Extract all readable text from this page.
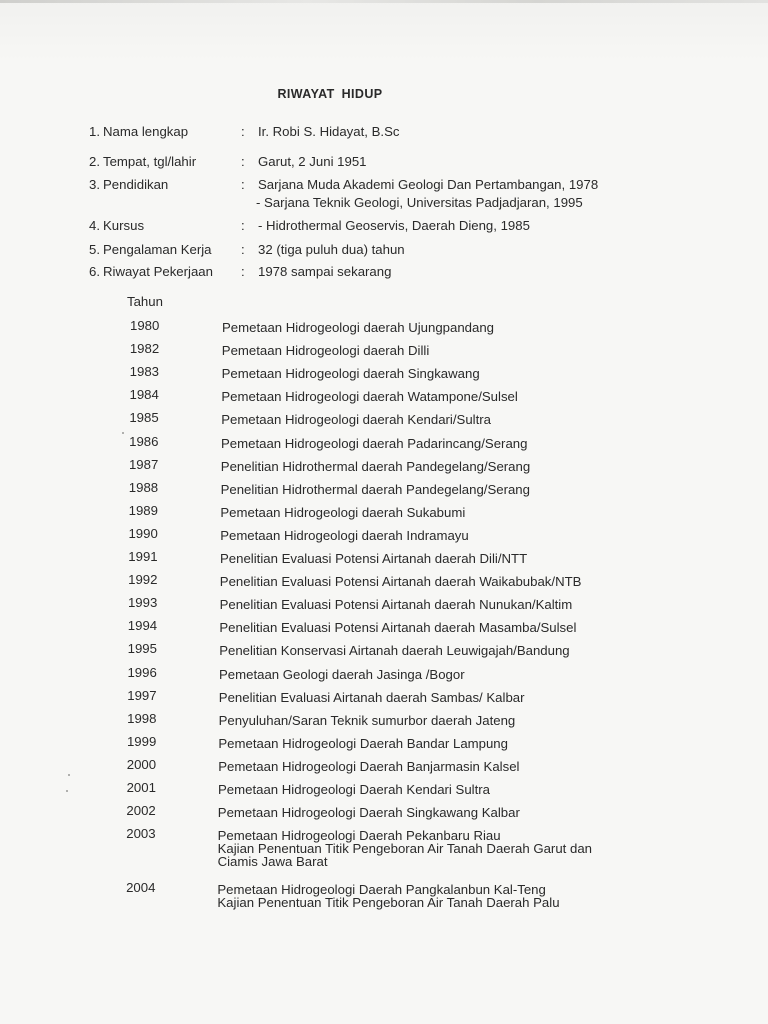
RIWAYAT HIDUP
1. Nama lengkap	: Ir. Robi S. Hidayat, B.Sc
2. Tempat, tgl/lahir	: Garut, 2 Juni 1951
3. Pendidikan	: Sarjana Muda Akademi Geologi Dan Pertambangan, 1978
- Sarjana Teknik Geologi, Universitas Padjadjaran, 1995
4. Kursus	: - Hidrothermal Geoservis, Daerah Dieng, 1985
5. Pengalaman Kerja : 32 (tiga puluh dua) tahun
6. Riwayat Pekerjaan : 1978 sampai sekarang
Tahun
1980	Pemetaan Hidrogeologi daerah Ujungpandang
1982	Pemetaan Hidrogeologi daerah Dilli
1983	Pemetaan Hidrogeologi daerah Singkawang
1984	Pemetaan Hidrogeologi daerah Watampone/Sulsel
1985	Pemetaan Hidrogeologi daerah Kendari/Sultra
1986	Pemetaan Hidrogeologi daerah Padarincang/Serang
1987	Penelitian Hidrothermal daerah Pandegelang/Serang
1988	Penelitian Hidrothermal daerah Pandegelang/Serang
1989	Pemetaan Hidrogeologi daerah Sukabumi
1990	Pemetaan Hidrogeologi daerah Indramayu
1991	Penelitian Evaluasi Potensi Airtanah daerah Dili/NTT
1992	Penelitian Evaluasi Potensi Airtanah daerah Waikabubak/NTB
1993	Penelitian Evaluasi Potensi Airtanah daerah Nunukan/Kaltim
1994	Penelitian Evaluasi Potensi Airtanah daerah Masamba/Sulsel
1995	Penelitian Konservasi Airtanah daerah Leuwigajah/Bandung
1996	Pemetaan Geologi daerah Jasinga /Bogor
1997	Penelitian Evaluasi Airtanah daerah Sambas/ Kalbar
1998	Penyuluhan/Saran Teknik sumurbor daerah Jateng
1999	Pemetaan Hidrogeologi Daerah Bandar Lampung
2000	Pemetaan Hidrogeologi Daerah Banjarmasin Kalsel
2001	Pemetaan Hidrogeologi Daerah Kendari Sultra
2002	Pemetaan Hidrogeologi Daerah Singkawang Kalbar
2003	Pemetaan Hidrogeologi Daerah Pekanbaru Riau
Kajian Penentuan Titik Pengeboran Air Tanah Daerah Garut dan
Ciamis Jawa Barat
2004	Pemetaan Hidrogeologi Daerah Pangkalanbun Kal-Teng
Kajian Penentuan Titik Pengeboran Air Tanah Daerah Palu
